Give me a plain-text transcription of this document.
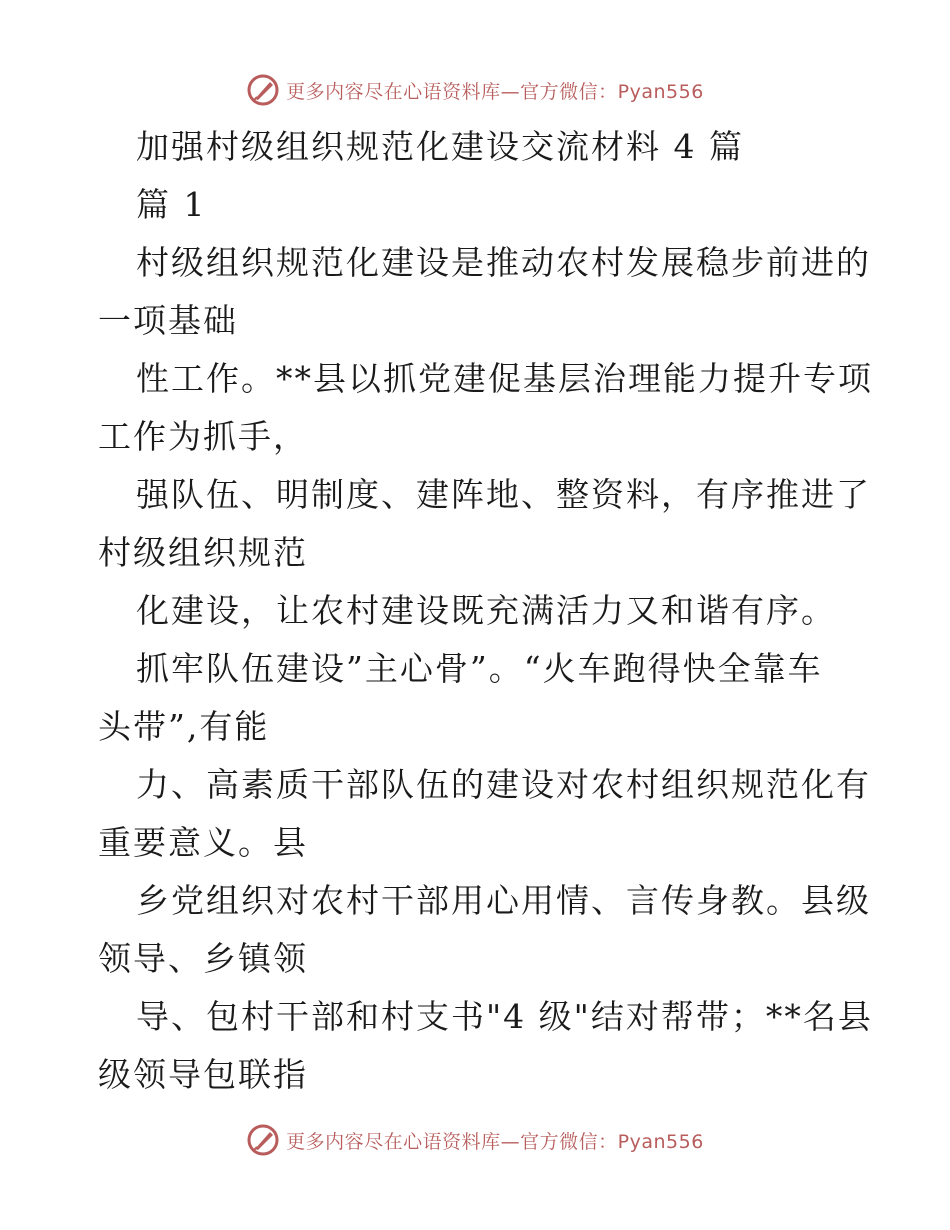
更多内容尽在心语资料库—官方微信：Pyan556
加强村级组织规范化建设交流材料 4 篇
篇 1
村级组织规范化建设是推动农村发展稳步前进的
一项基础
性工作。**县以抓党建促基层治理能力提升专项
工作为抓手，
强队伍、明制度、建阵地、整资料，有序推进了
村级组织规范
化建设，让农村建设既充满活力又和谐有序。
抓牢队伍建设”主心骨”。“火车跑得快全靠车
头带”,有能
力、高素质干部队伍的建设对农村组织规范化有
重要意义。县
乡党组织对农村干部用心用情、言传身教。县级
领导、乡镇领
导、包村干部和村支书"4 级"结对帮带；**名县
级领导包联指
更多内容尽在心语资料库—官方微信：Pyan556
